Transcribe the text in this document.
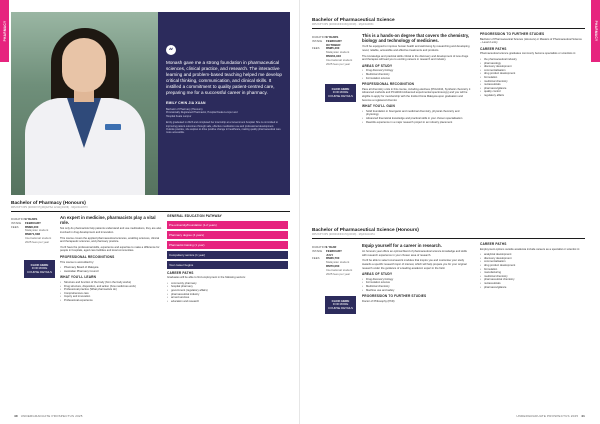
PHARMACY
“
Monash gave me a strong foundation in pharmaceutical sciences, clinical practice, and research. The interactive learning and problem-based teaching helped me develop critical thinking, communication, and clinical skills. It instilled a commitment to quality patient-centred care, preparing me for a successful career in pharmacy.
EMILY CHIN JIA XUAN
Bachelor of Pharmacy (Honours)
Provisionally Registered Pharmacist, Hospital Kuala Lumpur and
Hospital Kuala Lumpur
Emily graduated in 2023 and completed her internship at a Government hospital. She is committed to improving patient outcomes through safe, effective medication use and professional development. Outside practice, she aspires to drive positive change in healthcare, making quality pharmaceutical care more accessible.
Bachelor of Pharmacy (Honours)
MPU/KPT/JPS (R2/00/727)(MQA/PSA 12111)(03/28) · MQA/FA14573
DURATION 4 YEARS
INTAKE	FEBRUARY
FEES	RM98,400
Malaysian student
RM271,608
International student
2025 fees per year
CLICK HERE
FOR MORE
COURSE DETAILS
An expert in medicine, pharmacists play a vital role.

Not only do pharmacists help patients understand and use medications, they are also involved in drug development and innovation.

This course covers the applied pharmaceutical sciences, enabling sciences, clinical and therapeutic sciences, and pharmacy practice.

You'll have the professional skills, experience and expertise to make a difference for people in hospitals, aged care facilities and local communities.

PROFESSIONAL RECOGNITIONS

This course is accredited by:

• Pharmacy Board of Malaysia
• Australian Pharmacy Council
WHAT YOU'LL LEARN
• Structure and function of the body (from the body works)
• Drug structure, disposition, and action (how medicines work)
• Professional practice (What pharmacists do)
• Comprehensive care
• Inquiry and innovation
• Professional experience
GENERAL EDUCATION PATHWAY
Pre-university/Foundation (1-2 years)
Pharmacy degree (4 years)
Pharmacist training (1 year)
Compulsory service (1 year)
Your career begins
CAREER PATHS

Graduates will be able to find employment in the following sectors:

• community pharmacy
• hospital pharmacy
• government (regulatory affairs)
• pharmaceutical industry
• armed services
• education and research
40 UNDERGRADUATE PROSPECTUS 2025
Bachelor of Pharmaceutical Science
MPU/KPT/JPS (R2/0916/6/0154)(06/28) · MQA/FA9654
DURATION 3 YEARS
INTAKE	FEBRUARY
OCTOBER
FEES	RM85,400
Malaysian student
RM161,916
International student
2025 fees per year
CLICK HERE
FOR MORE
COURSE DETAILS
This is a hands-on degree that covers the chemistry, biology and technology of medicines.

You'll be equipped to improve human health and well-being by researching and developing novel, reliable, accessible and effective treatments and products.

The knowledge and practical skills critical to the discovery and development of new drugs and therapies will lead you to exciting careers in research and industry.

AREAS OF STUDY
• Drug discovery biology
• Medicinal chemistry
• Formulation science
PROFESSIONAL RECOGNITION

Pass all chemistry units in this course, including electives (PCH1044, Synthetic chemistry 1: Advanced methods and PCH2044 Advanced experimental spectroscopy) and you will be eligible to apply for membership with the Institut Kimia Malaysia upon graduation and become a registered chemist.

WHAT YOU'LL GAIN
• Solid foundation in bioorganic and medicinal chemistry, physical chemistry and physiology
• Advanced theoretical knowledge and practical skills in your chosen specialisation
• Real-life experience in a major research project in an industry placement
PROGRESSION TO FURTHER STUDIES

Bachelor of Pharmaceutical Science (Honours) or Masters of Pharmaceutical Science – Level 2 entry

CAREER PATHS

Pharmaceutical science graduates commonly become specialists or scientists in:

• the pharmaceutical industry
• pharmacology
• discovery development
• commercialisation
• drug product development
• formulation
• medicinal chemistry
• nutraceuticals
• pharmacovigilance
• quality control
• regulatory affairs
Bachelor of Pharmaceutical Science (Honours)
MPU/KPT/JPS (R2/0916/6/0174)(06/28) · MQA/FA10451
DURATION 1 YEAR
INTAKE	FEBRUARY
JULY
FEES	RM36,700
Malaysian student
RM70,060
International student
2025 fees per year
CLICK HERE
FOR MORE
COURSE DETAILS
Equip yourself for a career in research.

An honours year offers an optimal blend of pharmaceutical science knowledge and skills with research experience in your chosen area of research.

You'll be able to select coursework modules that inspire you and customise your study towards a specific research topic of interest, which will help prepare you for your original research under the guidance of a leading academic expert in the field.

AREAS OF STUDY
• Drug discovery biology
• Formulation science
• Medicinal chemistry
• Machine use and safety
PROGRESSION TO FURTHER STUDIES

Doctor of Philosophy (PhD)

CAREER PATHS

Employment options outside academia include careers as a specialist or scientist in:

• analytical development
• discovery development
• commercialisation
• drug product development
• formulation
• manufacturing
• medicinal chemistry
• pharmaceutical chemistry
• nutraceuticals
• pharmacovigilance
UNDERGRADUATE PROSPECTUS 2025 41
PHARMACY
